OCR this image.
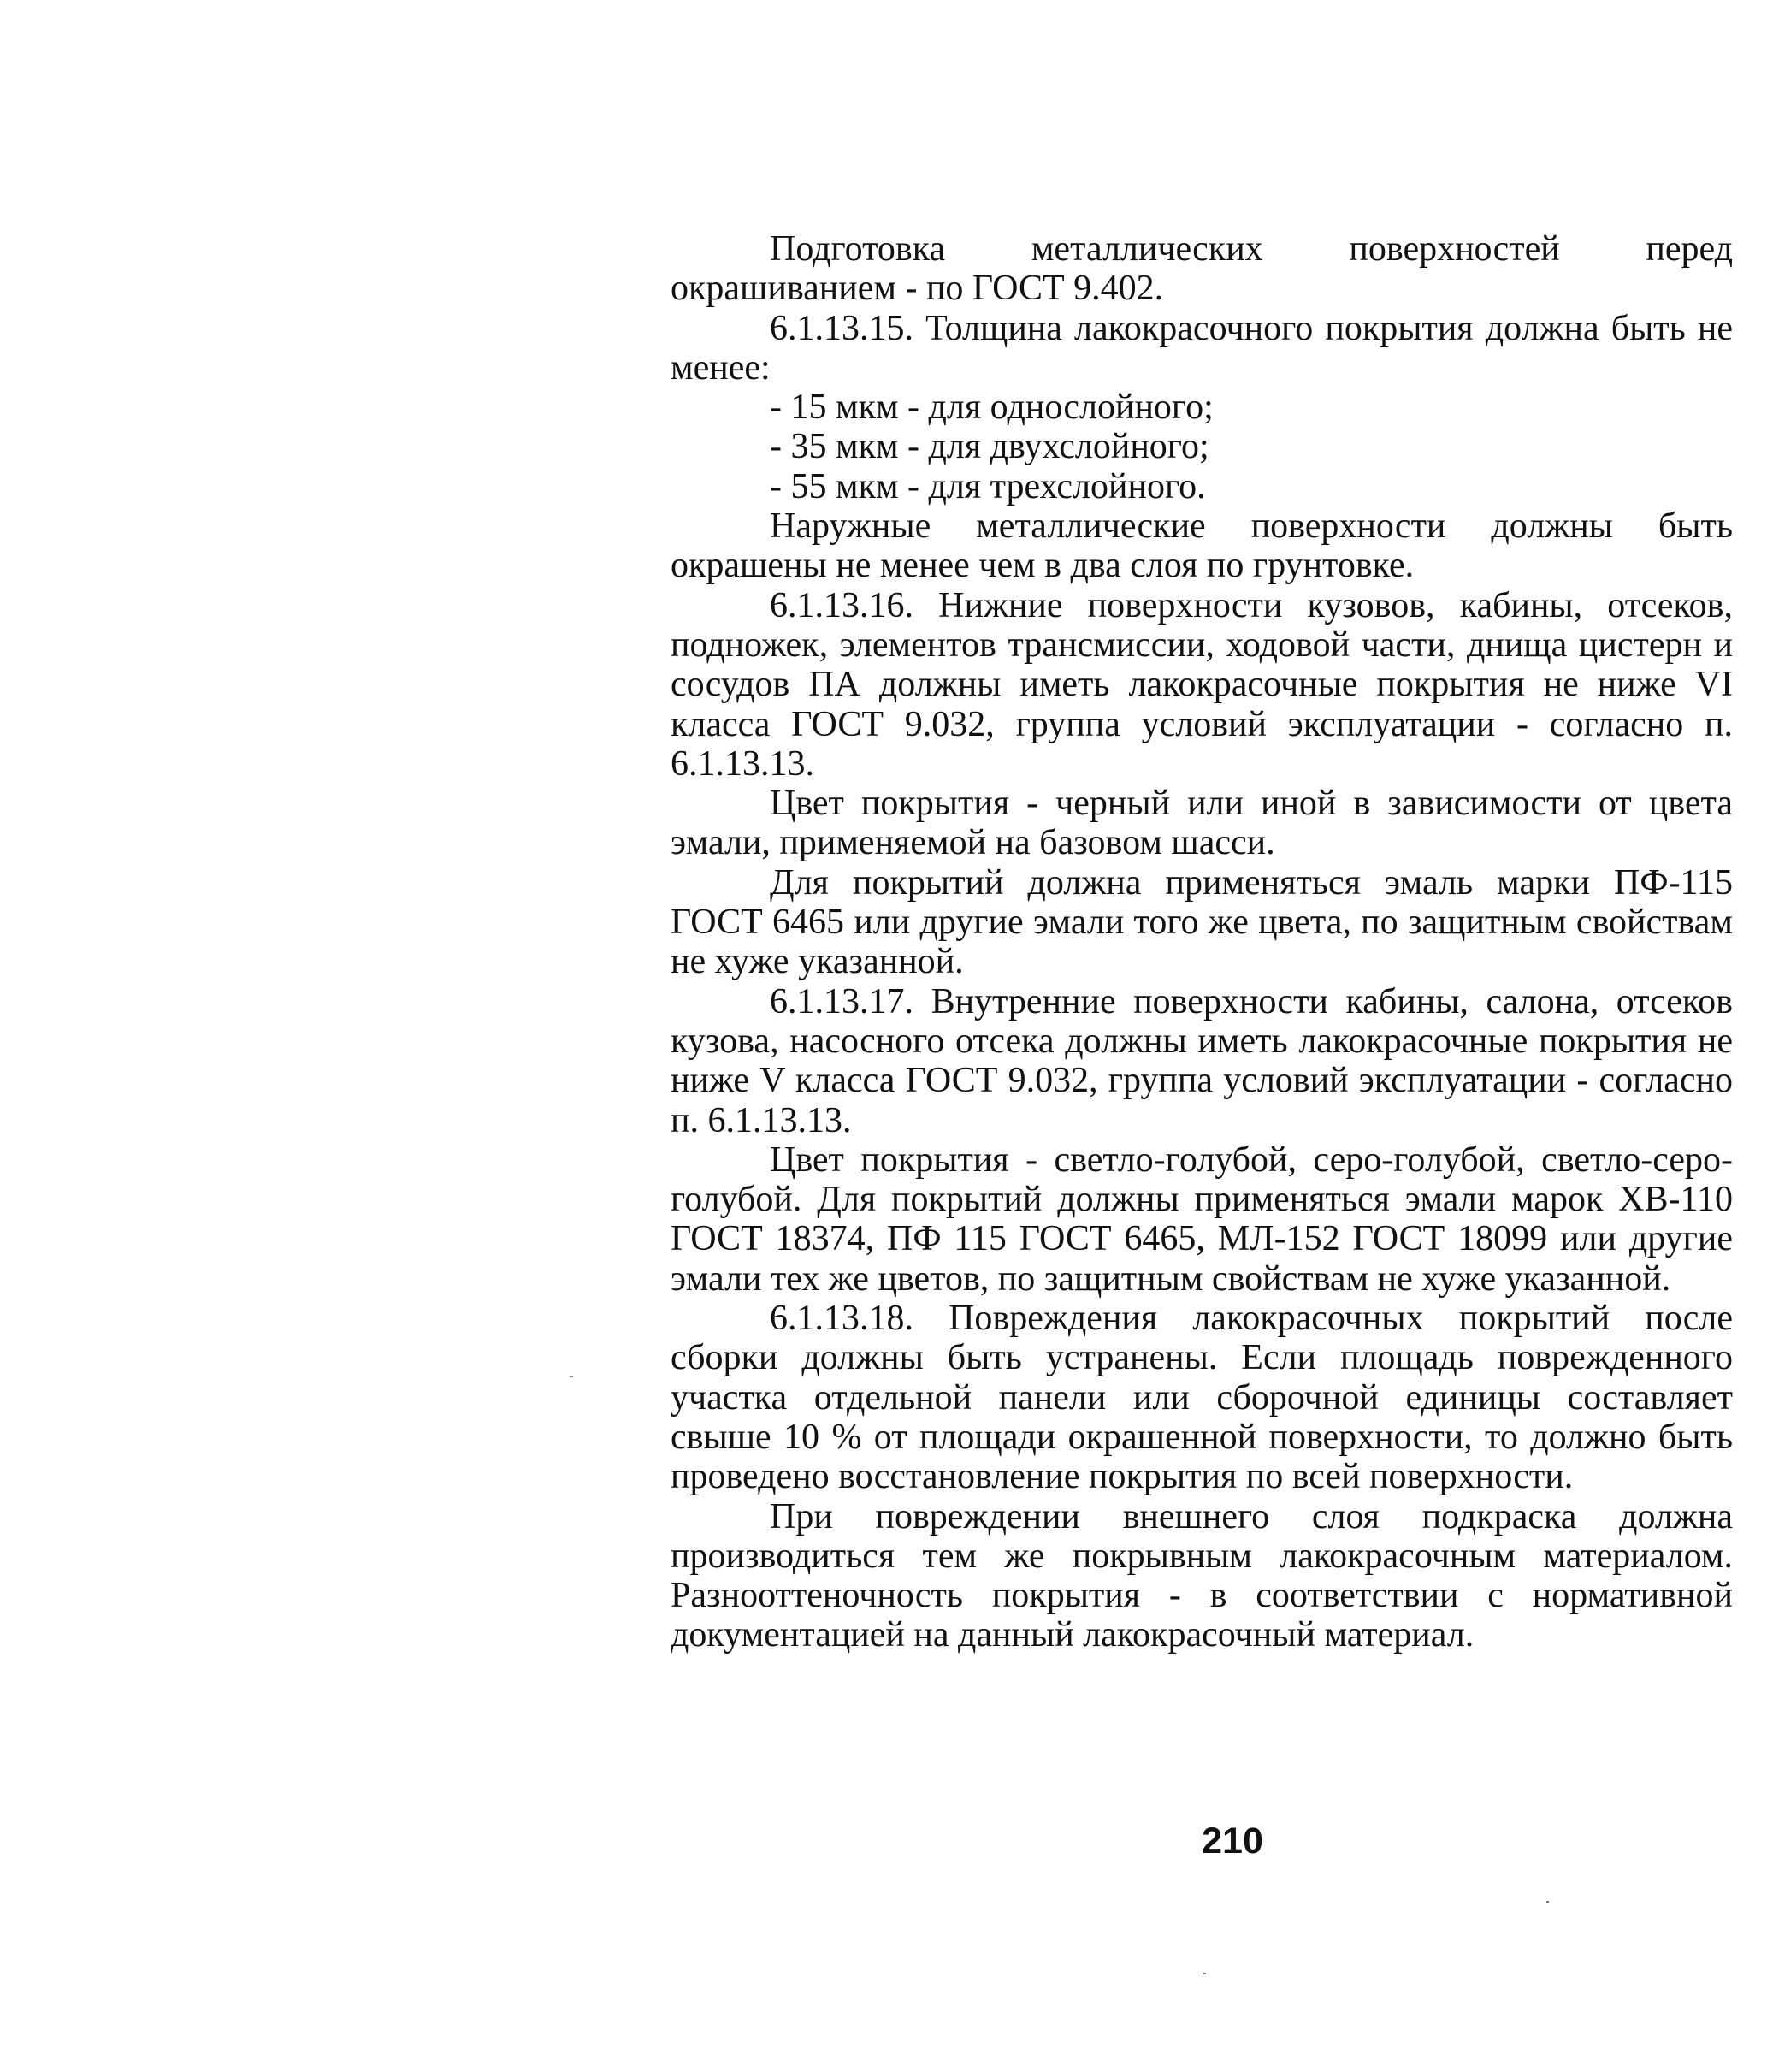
Подготовка металлических поверхностей перед окрашиванием - по ГОСТ 9.402.

6.1.13.15. Толщина лакокрасочного покрытия должна быть не менее:

- 15 мкм - для однослойного;

- 35 мкм - для двухслойного;

- 55 мкм - для трехслойного.

Наружные металлические поверхности должны быть окрашены не менее чем в два слоя по грунтовке.

6.1.13.16. Нижние поверхности кузовов, кабины, отсеков, подножек, элементов трансмиссии, ходовой части, днища цистерн и сосудов ПА должны иметь лакокрасочные покрытия не ниже VI класса ГОСТ 9.032, группа условий эксплуатации - согласно п. 6.1.13.13.

Цвет покрытия - черный или иной в зависимости от цвета эмали, применяемой на базовом шасси.

Для покрытий должна применяться эмаль марки ПФ-115 ГОСТ 6465 или другие эмали того же цвета, по защитным свойствам не хуже указанной.

6.1.13.17. Внутренние поверхности кабины, салона, отсеков кузова, насосного отсека должны иметь лакокрасочные покрытия не ниже V класса ГОСТ 9.032, группа условий эксплуатации - согласно п. 6.1.13.13.

Цвет покрытия - светло-голубой, серо-голубой, светло-серо-голубой. Для покрытий должны применяться эмали марок ХВ-110 ГОСТ 18374, ПФ 115 ГОСТ 6465, МЛ-152 ГОСТ 18099 или другие эмали тех же цветов, по защитным свойствам не хуже указанной.

6.1.13.18. Повреждения лакокрасочных покрытий после сборки должны быть устранены. Если площадь поврежденного участка отдельной панели или сборочной единицы составляет свыше 10 % от площади окрашенной поверхности, то должно быть проведено восстановление покрытия по всей поверхности.

При повреждении внешнего слоя подкраска должна производиться тем же покрывным лакокрасочным материалом. Разнооттеночность покрытия - в соответствии с нормативной документацией на данный лакокрасочный материал.

210
